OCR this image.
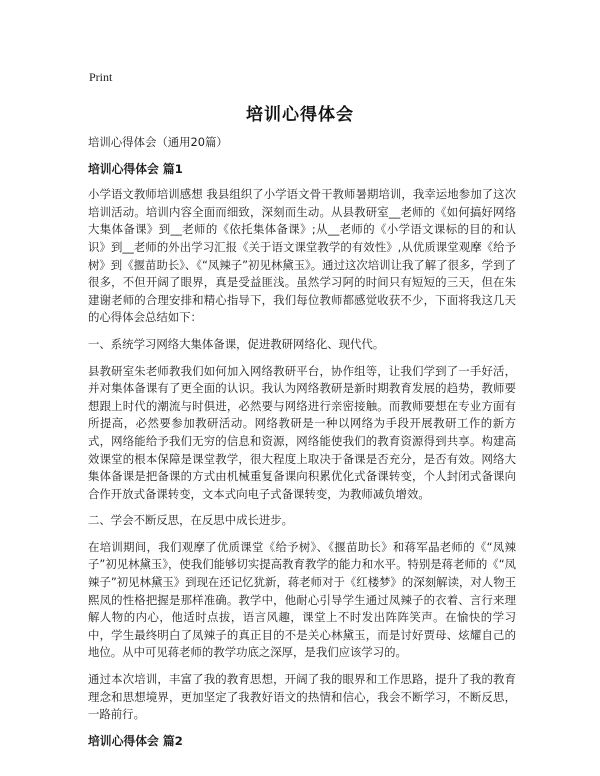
Print
培训心得体会

培训心得体会（通用20篇）

培训心得体会 篇1

小学语文教师培训感想 我县组织了小学语文骨干教师暑期培训，我幸运地参加了这次培训活动。培训内容全面而细致，深刻而生动。从县教研室__老师的《如何搞好网络大集体备课》到__老师的《依托集体备课》;从__老师的《小学语文课标的目的和认识》到__老师的外出学习汇报《关于语文课堂教学的有效性》,从优质课堂观摩《给予树》到《揠苗助长》、《“凤辣子”初见林黛玉》。通过这次培训让我了解了很多，学到了很多，不但开阔了眼界，真是受益匪浅。虽然学习阿的时间只有短短的三天，但在朱建谢老师的合理安排和精心指导下，我们每位教师都感觉收获不少，下面将我这几天的心得体会总结如下：

一、系统学习网络大集体备课，促进教研网络化、现代代。

县教研室朱老师教我们如何加入网络教研平台，协作组等，让我们学到了一手好活，并对集体备课有了更全面的认识。我认为网络教研是新时期教育发展的趋势，教师要想跟上时代的潮流与时俱进，必然要与网络进行亲密接触。而教师要想在专业方面有所提高，必然要参加教研活动。网络教研是一种以网络为手段开展教研工作的新方式，网络能给予我们无穷的信息和资源，网络能使我们的教育资源得到共享。构建高效课堂的根本保障是课堂教学，很大程度上取决于备课是否充分，是否有效。网络大集体备课是把备课的方式由机械重复备课向积累优化式备课转变，个人封闭式备课向合作开放式备课转变，文本式向电子式备课转变，为教师减负增效。

二、学会不断反思，在反思中成长进步。

在培训期间，我们观摩了优质课堂《给予树》、《揠苗助长》和蒋军晶老师的《“凤辣子”初见林黛玉》，使我们能够切实提高教育教学的能力和水平。特别是蒋老师的《“凤辣子”初见林黛玉》到现在还记忆犹新，蒋老师对于《红楼梦》的深刻解读，对人物王熙凤的性格把握是那样准确。教学中，他耐心引导学生通过凤辣子的衣着、言行来理解人物的内心，他适时点拔，语言风趣，课堂上不时发出阵阵笑声。在愉快的学习中，学生最终明白了凤辣子的真正目的不是关心林黛玉，而是讨好贾母、炫耀自己的地位。从中可见蒋老师的教学功底之深厚，是我们应该学习的。

通过本次培训，丰富了我的教育思想，开阔了我的眼界和工作思路，提升了我的教育理念和思想境界，更加坚定了我教好语文的热情和信心，我会不断学习，不断反思，一路前行。

培训心得体会 篇2
